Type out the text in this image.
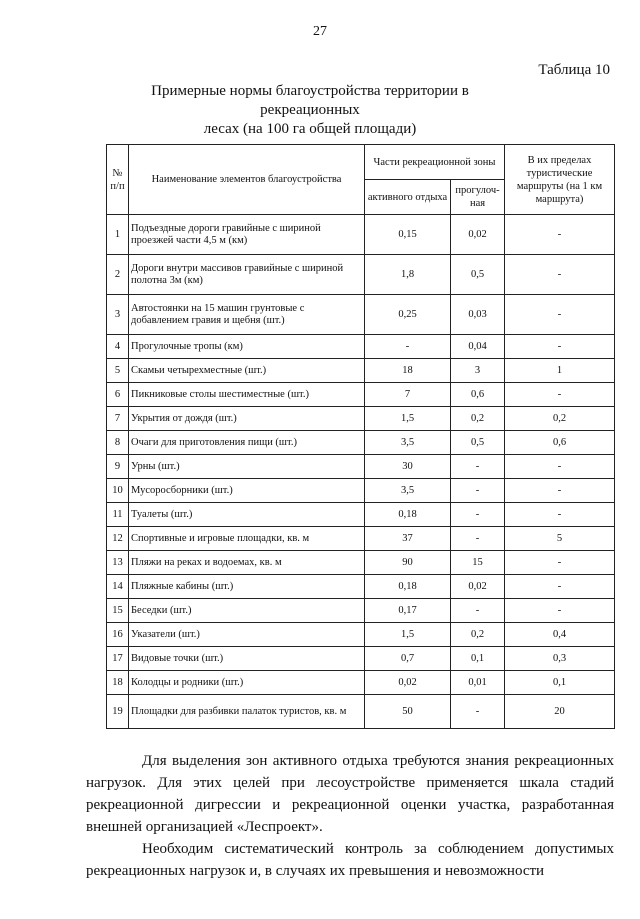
27
Таблица 10
Примерные нормы благоустройства территории в рекреационных
лесах (на 100 га общей площади)
№ п/п	Наименование элементов благоустройства	Части рекреационной зоны		В их пределах туристические маршруты (на 1 км маршрута)
		активного отдыха	прогулоч-ная	
1	Подъездные дороги гравийные с шириной проезжей части 4,5 м (км)	0,15	0,02	-
2	Дороги внутри массивов гравийные с шириной полотна 3м (км)	1,8	0,5	-
3	Автостоянки на 15 машин грунтовые с добавлением гравия и щебня (шт.)	0,25	0,03	-
4	Прогулочные тропы (км)	-	0,04	-
5	Скамьи четырехместные (шт.)	18	3	1
6	Пикниковые столы шестиместные (шт.)	7	0,6	-
7	Укрытия от дождя (шт.)	1,5	0,2	0,2
8	Очаги для приготовления пищи (шт.)	3,5	0,5	0,6
9	Урны (шт.)	30	-	-
10	Мусоросборники (шт.)	3,5	-	-
11	Туалеты (шт.)	0,18	-	-
12	Спортивные и игровые площадки, кв. м	37	-	5
13	Пляжи на реках и водоемах, кв. м	90	15	-
14	Пляжные кабины (шт.)	0,18	0,02	-
15	Беседки (шт.)	0,17	-	-
16	Указатели (шт.)	1,5	0,2	0,4
17	Видовые точки (шт.)	0,7	0,1	0,3
18	Колодцы и родники (шт.)	0,02	0,01	0,1
19	Площадки для разбивки палаток туристов, кв. м	50	-	20

Для выделения зон активного отдыха требуются знания рекреационных нагрузок. Для этих целей при лесоустройстве применяется шкала стадий рекреационной дигрессии и рекреационной оценки участка, разработанная внешней организацией «Леспроект».

Необходим систематический контроль за соблюдением допустимых рекреационных нагрузок и, в случаях их превышения и невозможности
